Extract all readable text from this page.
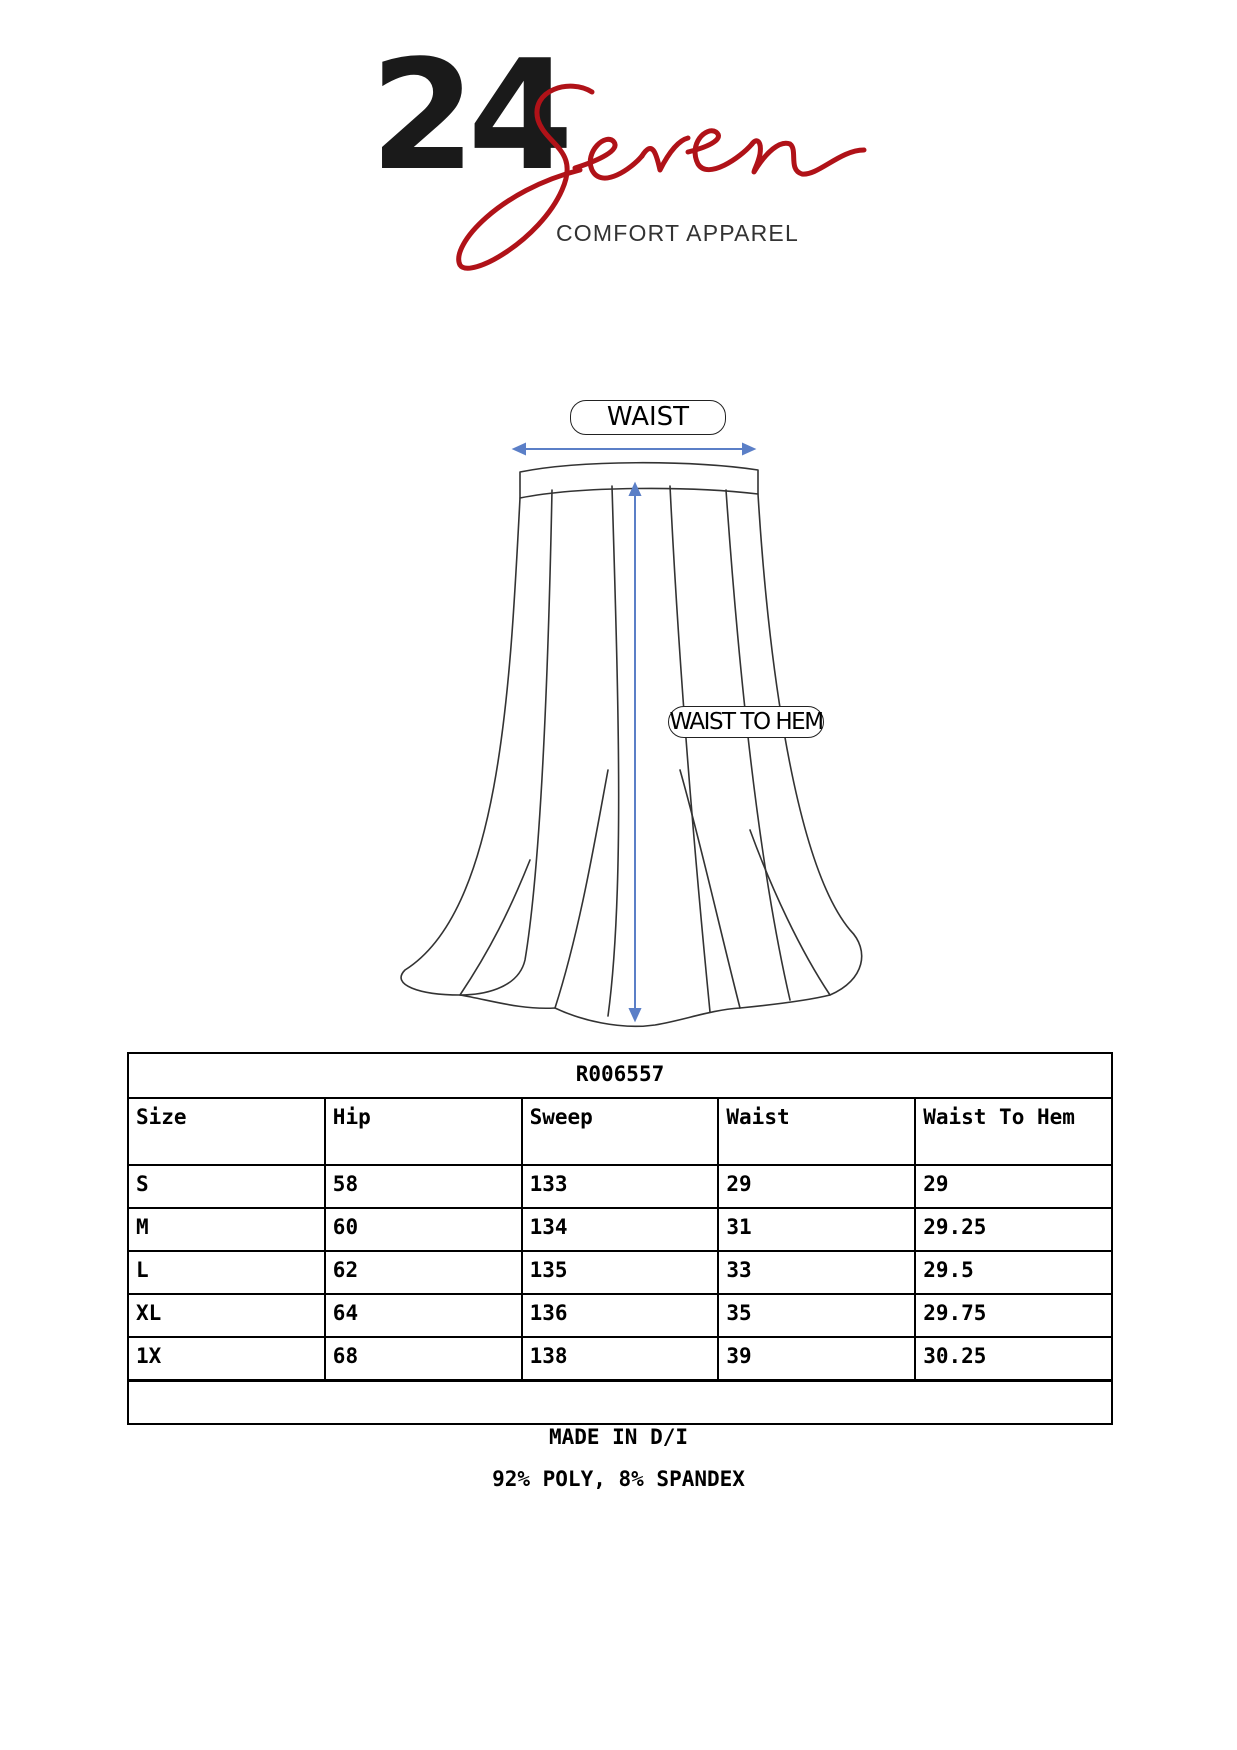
24
COMFORT APPAREL
WAIST
WAIST TO HEM
R006557				
Size	Hip	Sweep	Waist	Waist To Hem
S	58	133	29	29
M	60	134	31	29.25
L	62	135	33	29.5
XL	64	136	35	29.75
1X	68	138	39	30.25

MADE IN D/I
92% POLY, 8% SPANDEX
